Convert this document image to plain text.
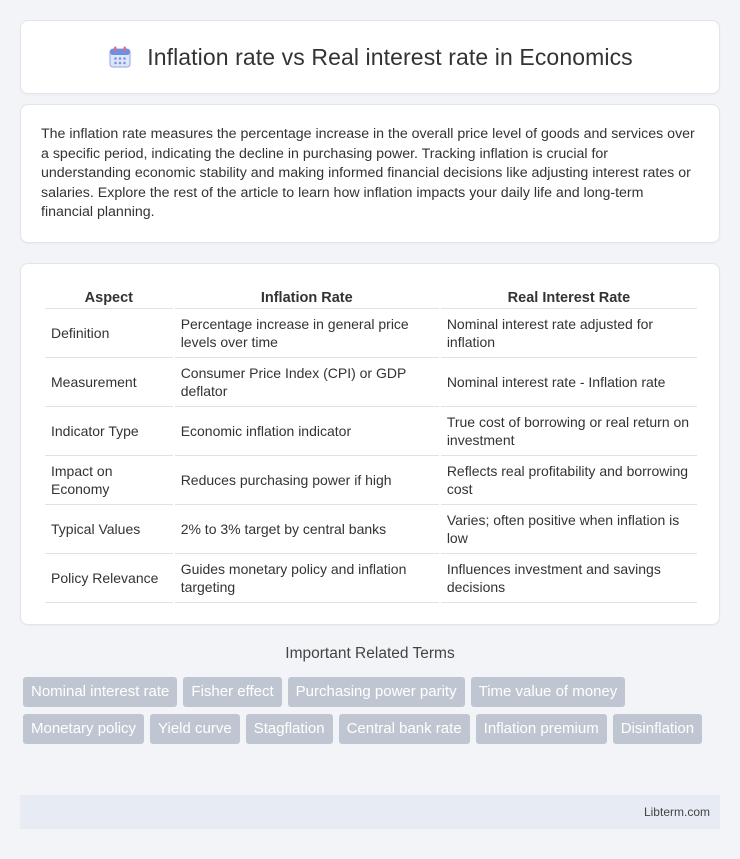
Inflation rate vs Real interest rate in Economics

The inflation rate measures the percentage increase in the overall price level of goods and services over a specific period, indicating the decline in purchasing power. Tracking inflation is crucial for understanding economic stability and making informed financial decisions like adjusting interest rates or salaries. Explore the rest of the article to learn how inflation impacts your daily life and long-term financial planning.

Aspect	Inflation Rate	Real Interest Rate
Definition	Percentage increase in general price levels over time	Nominal interest rate adjusted for inflation
Measurement	Consumer Price Index (CPI) or GDP deflator	Nominal interest rate - Inflation rate
Indicator Type	Economic inflation indicator	True cost of borrowing or real return on investment
Impact on Economy	Reduces purchasing power if high	Reflects real profitability and borrowing cost
Typical Values	2% to 3% target by central banks	Varies; often positive when inflation is low
Policy Relevance	Guides monetary policy and inflation targeting	Influences investment and savings decisions
Important Related Terms
Nominal interest rate	Fisher effect	Purchasing power parity	Time value of money
Monetary policy	Yield curve	Stagflation	Central bank rate	Inflation premium	Disinflation
Libterm.com
